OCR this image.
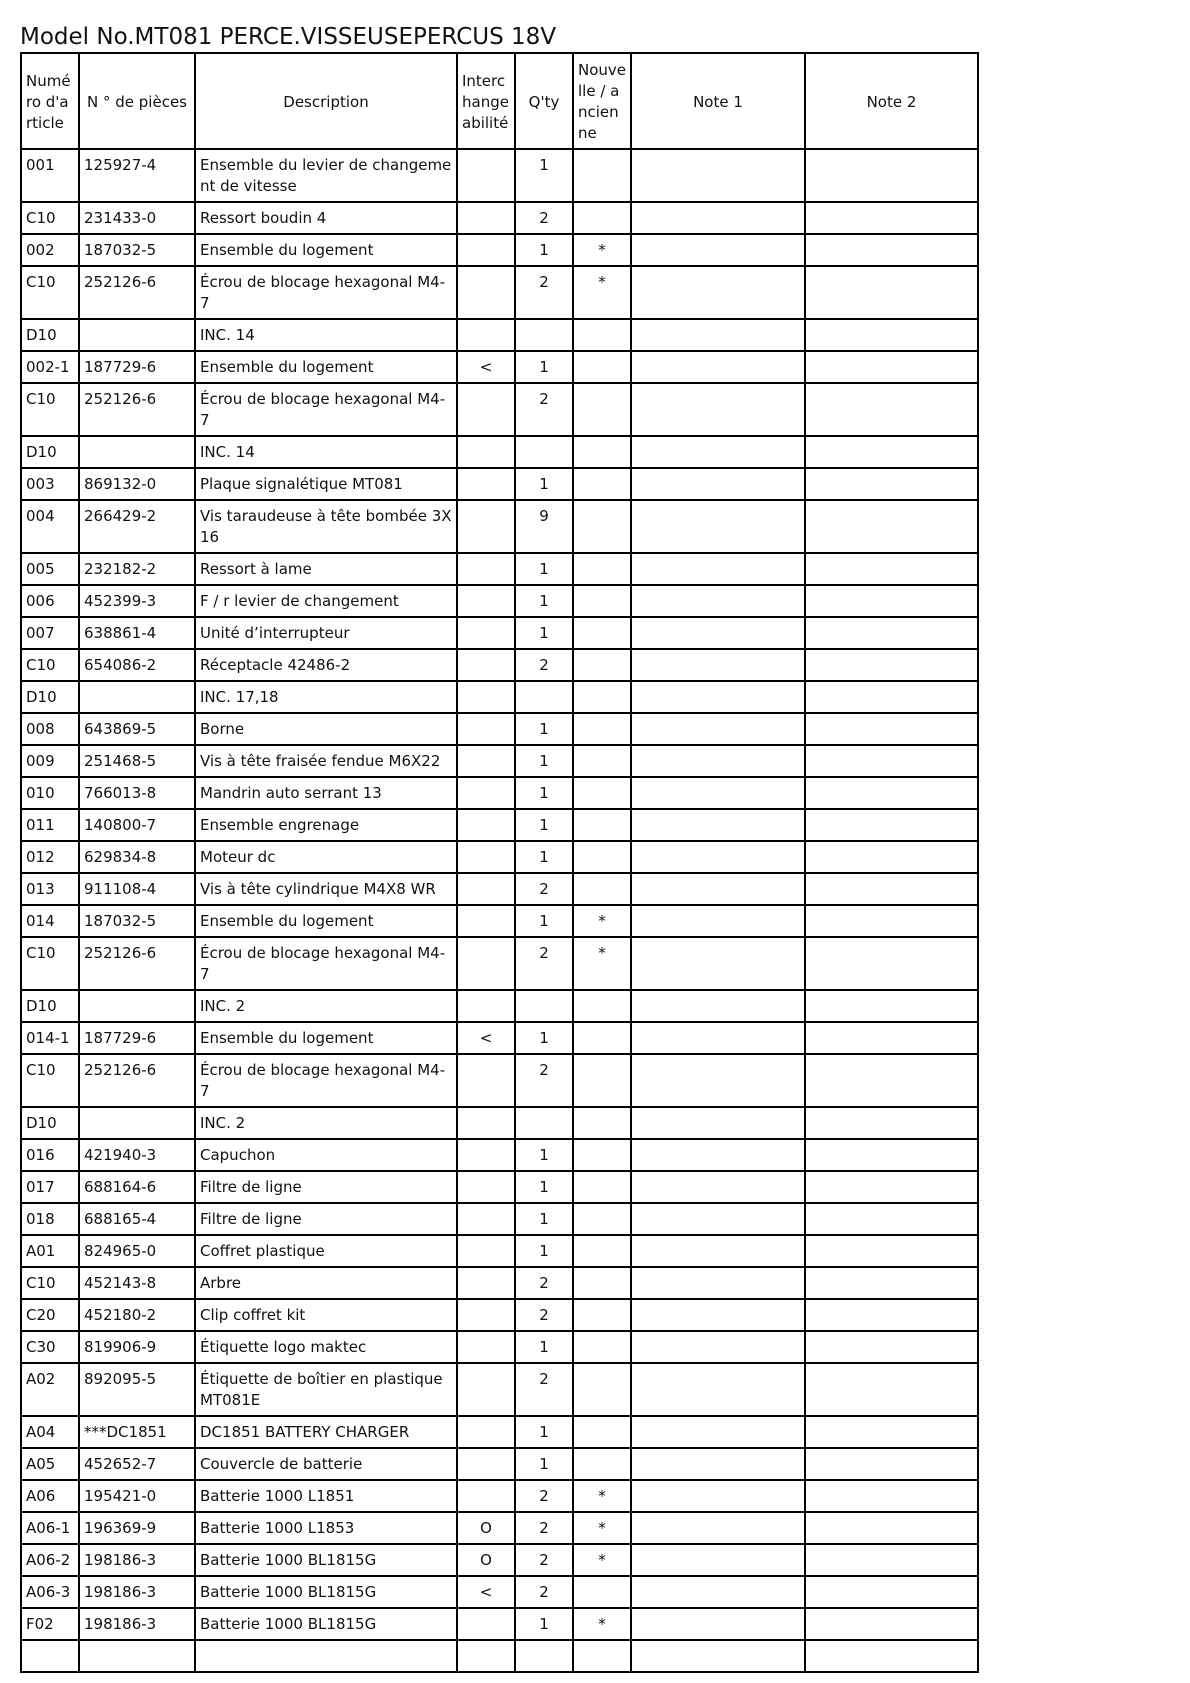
Model No.MT081 PERCE.VISSEUSEPERCUS 18V
Numéro d'article	N ° de pièces	Description	Interchangeabilité	Q'ty	Nouvelle / ancienne	Note 1	Note 2
001	125927-4	Ensemble du levier de changement de vitesse		1			
C10	231433-0	Ressort boudin 4		2			
002	187032-5	Ensemble du logement		1	*		
C10	252126-6	Écrou de blocage hexagonal M4-7		2	*		
D10		INC. 14					
002-1	187729-6	Ensemble du logement	<	1			
C10	252126-6	Écrou de blocage hexagonal M4-7		2			
D10		INC. 14					
003	869132-0	Plaque signalétique MT081		1			
004	266429-2	Vis taraudeuse à tête bombée 3X16		9			
005	232182-2	Ressort à lame		1			
006	452399-3	F / r levier de changement		1			
007	638861-4	Unité d’interrupteur		1			
C10	654086-2	Réceptacle 42486-2		2			
D10		INC. 17,18					
008	643869-5	Borne		1			
009	251468-5	Vis à tête fraisée fendue M6X22		1			
010	766013-8	Mandrin auto serrant 13		1			
011	140800-7	Ensemble engrenage		1			
012	629834-8	Moteur dc		1			
013	911108-4	Vis à tête cylindrique M4X8 WR		2			
014	187032-5	Ensemble du logement		1	*		
C10	252126-6	Écrou de blocage hexagonal M4-7		2	*		
D10		INC. 2					
014-1	187729-6	Ensemble du logement	<	1			
C10	252126-6	Écrou de blocage hexagonal M4-7		2			
D10		INC. 2					
016	421940-3	Capuchon		1			
017	688164-6	Filtre de ligne		1			
018	688165-4	Filtre de ligne		1			
A01	824965-0	Coffret plastique		1			
C10	452143-8	Arbre		2			
C20	452180-2	Clip coffret kit		2			
C30	819906-9	Étiquette logo maktec		1			
A02	892095-5	Étiquette de boîtier en plastique MT081E		2			
A04	***DC1851	DC1851 BATTERY CHARGER		1			
A05	452652-7	Couvercle de batterie		1			
A06	195421-0	Batterie 1000 L1851		2	*		
A06-1	196369-9	Batterie 1000 L1853	O	2	*		
A06-2	198186-3	Batterie 1000 BL1815G	O	2	*		
A06-3	198186-3	Batterie 1000 BL1815G	<	2			
F02	198186-3	Batterie 1000 BL1815G		1	*		
